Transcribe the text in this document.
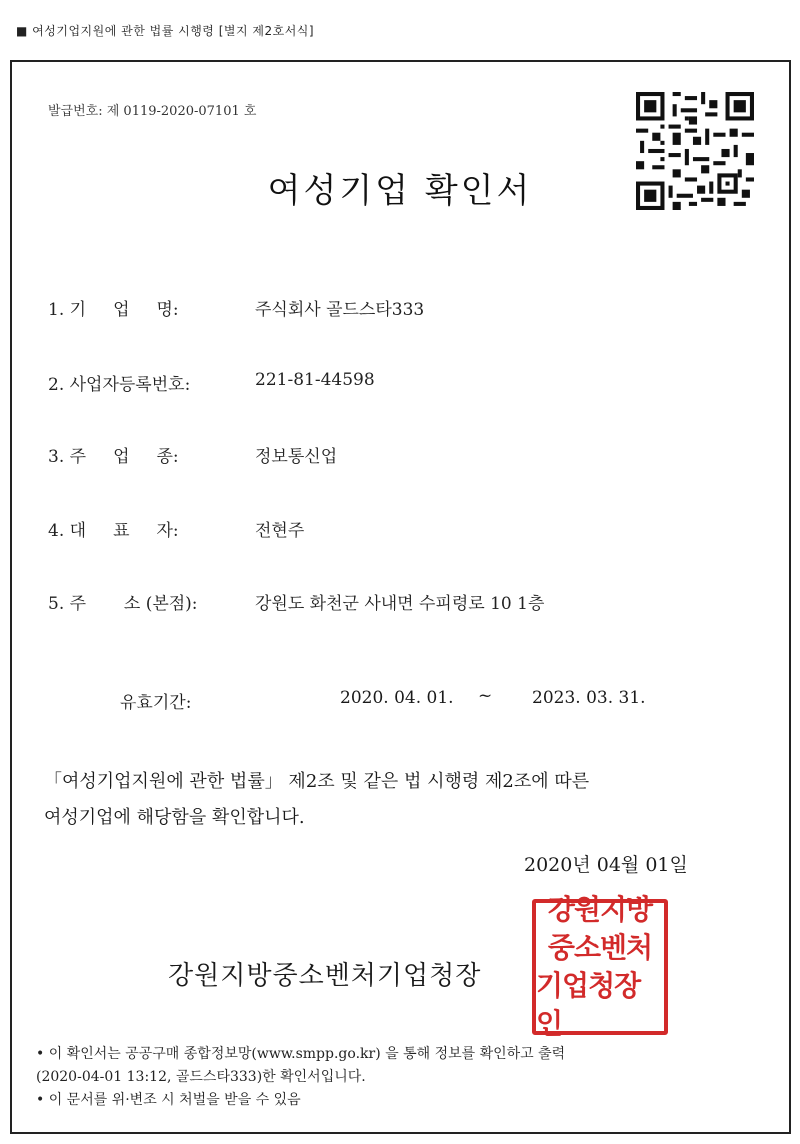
■ 여성기업지원에 관한 법률 시행령 [별지 제2호서식]
발급번호: 제 0119-2020-07101 호
여성기업 확인서
1. 기     업     명:	주식회사 골드스타333
2. 사업자등록번호:	221-81-44598
3. 주     업     종:	정보통신업
4. 대     표     자:	전현주
5. 주       소 (본점):	강원도 화천군 사내면 수피령로 10 1층
유효기간:	2020. 04. 01. ~ 2023. 03. 31.
「여성기업지원에 관한 법률」 제2조 및 같은 법 시행령 제2조에 따른
여성기업에 해당함을 확인합니다.
2020년 04월 01일
강원지방중소벤처기업청장
강원지방
중소벤처
기업청장인
• 이 확인서는 공공구매 종합정보망(www.smpp.go.kr) 을 통해 정보를 확인하고 출력
(2020-04-01 13:12, 골드스타333)한 확인서입니다.
• 이 문서를 위·변조 시 처벌을 받을 수 있음
